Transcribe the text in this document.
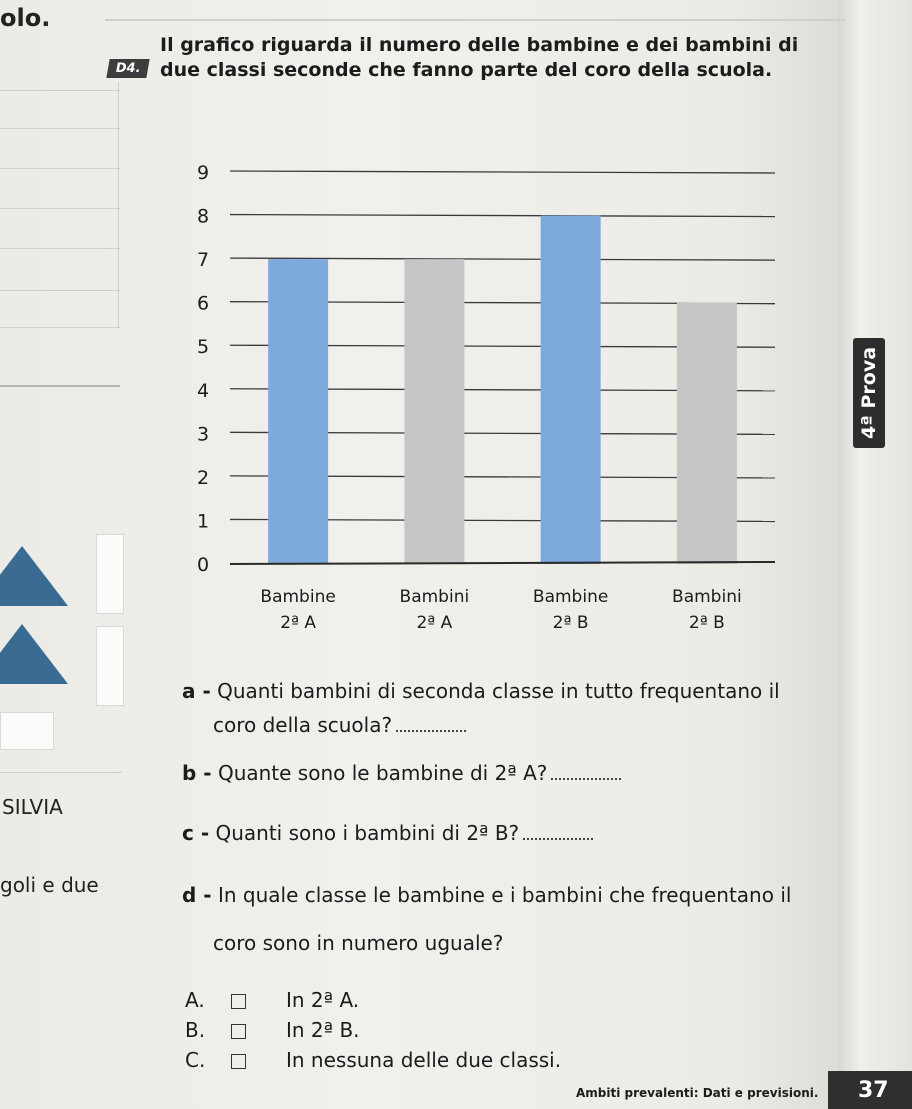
4ª Prova
olo.
SILVIA
goli e due
D4.
Il grafico riguarda il numero delle bambine e dei bambini di due classi seconde che fanno parte del coro della scuola.
0
1
2
3
4
5
6
7
8
9
Bambine
2ª A
Bambini
2ª A
Bambine
2ª B
Bambini
2ª B
a - Quanti bambini di seconda classe in tutto frequentano il
coro della scuola?
b - Quante sono le bambine di 2ª A?
c - Quanti sono i bambini di 2ª B?
d - In quale classe le bambine e i bambini che frequentano il
coro sono in numero uguale?
A.	In 2ª A.
B.	In 2ª B.
C.	In nessuna delle due classi.
Ambiti prevalenti: Dati e previsioni.	37
